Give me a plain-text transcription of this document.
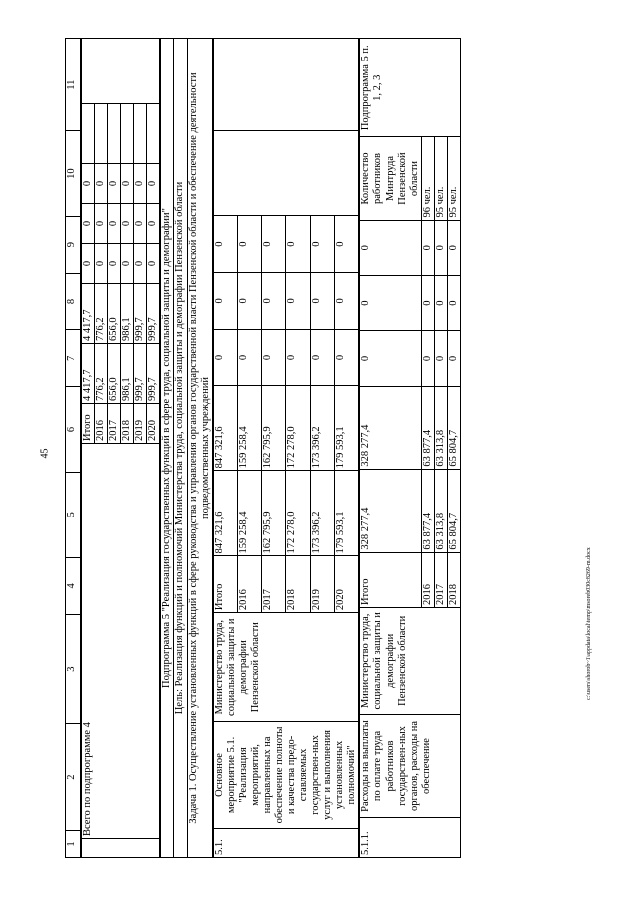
45
1	2	3	4	5	6	7	8	9	10	11
	Всего по подпрограмме 4	Итого	4 417,7	4 417,7	0	0	0		
		2016	776,2	776,2	0	0	0		
		2017	656,0	656,0	0	0	0		
		2018	986,1	986,1	0	0	0		
		2019	999,7	999,7	0	0	0		
		2020	999,7	999,7	0	0	0		
Подпрограмма 5 "Реализация государственных функций в сфере труда, социальной защиты и демографии"
Цель: Реализация функций и полномочий Министерства труда, социальной защиты и демографии Пензенской области
Задача 1. Осуществление установленных функций в сфере руководства и управления органов государственной власти Пензенской области и обеспечение деятельности подведомственных учреждений
5.1.	Основное мероприятие 5.1. "Реализация мероприятий, направленных на обеспечение полноты и качества предо-ставляемых государствен-ных услуг и выполнения установленных полномочий"	Министерство труда, социальной защиты и демографии Пензенской области	Итого	847 321,6	847 321,6	0	0	0		
			2016	159 258,4	159 258,4	0	0	0		
			2017	162 795,9	162 795,9	0	0	0		
			2018	172 278,0	172 278,0	0	0	0		
			2019	173 396,2	173 396,2	0	0	0		
			2020	179 593,1	179 593,1	0	0	0		
5.1.1.	Расходы на выплаты по оплате труда работников государствен-ных органов, расходы на обеспечение	Министерство труда, социальной защиты и демографии Пензенской области	Итого	328 277,4	328 277,4	0	0	0	Количество работников Минтруда Пензенской области	Подпрограмма 5 п. 1, 2, 3
			2016	63 877,4	63 877,4	0	0	0	96 чел.	
			2017	63 313,8	63 313,8	0	0	0	95 чел.	
			2018	65 804,7	65 804,7	0	0	0	95 чел.	
c:\users\shorob~1\appdata\local\temp\msoreb030c8269-m.docx
